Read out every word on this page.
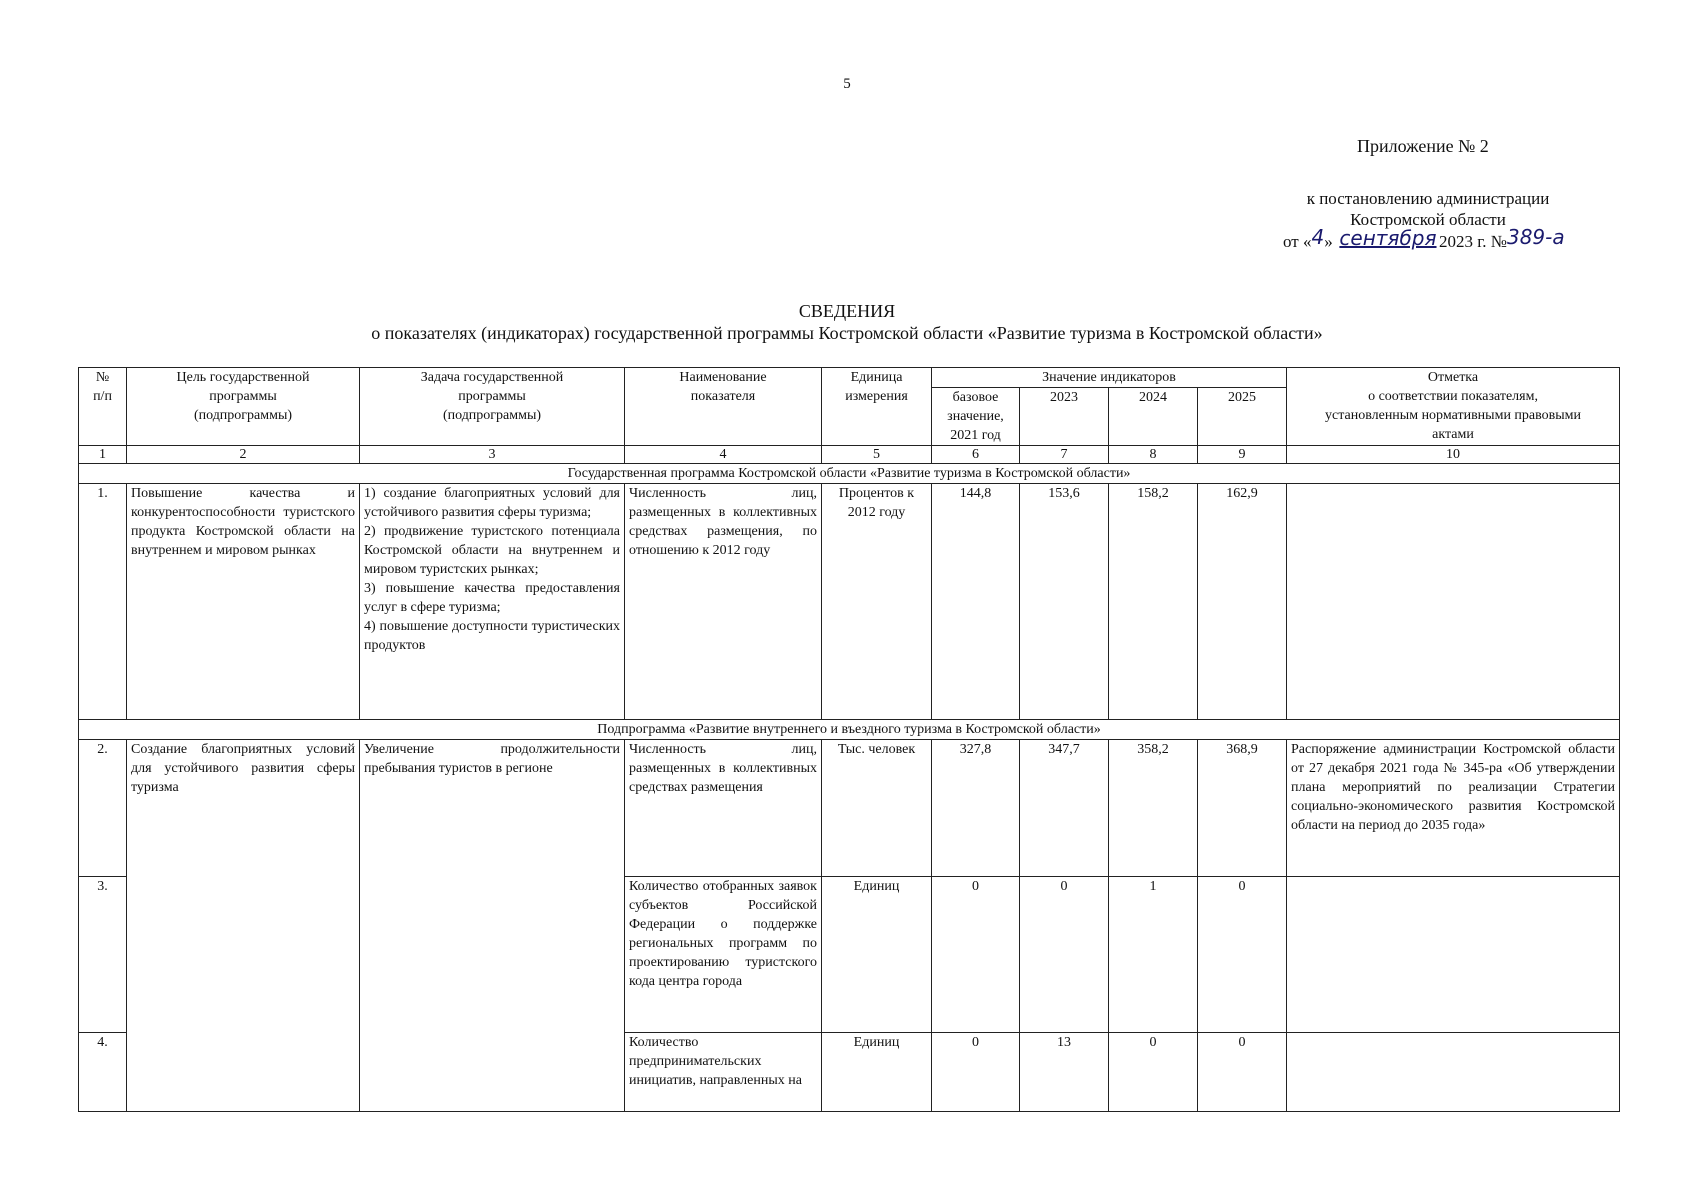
5
Приложение № 2
к постановлению администрации
Костромской области
от «4» сентября 2023 г. №389-а
СВЕДЕНИЯ
о показателях (индикаторах) государственной программы Костромской области «Развитие туризма в Костромской области»
№
п/п	Цель государственной
программы
(подпрограммы)	Задача государственной
программы
(подпрограммы)	Наименование
показателя	Единица
измерения	Значение индикаторов				Отметка
о соответствии показателям,
установленным нормативными правовыми
актами
					базовое
значение,
2021 год	2023	2024	2025	
1	2	3	4	5	6	7	8	9	10
Государственная программа Костромской области «Развитие туризма в Костромской области»									
1.	Повышение качества и конкурентоспособности туристского продукта Костромской области на внутреннем и мировом рынках	1) создание благоприятных условий для устойчивого развития сферы туризма;
2) продвижение туристского потенциала Костромской области на внутреннем и мировом туристских рынках;
3) повышение качества предоставления услуг в сфере туризма;
4) повышение доступности туристических продуктов	Численность лиц, размещенных в коллективных средствах размещения, по отношению к 2012 году	Процентов к 2012 году	144,8	153,6	158,2	162,9	
Подпрограмма «Развитие внутреннего и въездного туризма в Костромской области»									
2.	Создание благоприятных условий для устойчивого развития сферы туризма	Увеличение продолжительности пребывания туристов в регионе	Численность лиц, размещенных в коллективных средствах размещения	Тыс. человек	327,8	347,7	358,2	368,9	Распоряжение администрации Костромской области от 27 декабря 2021 года № 345-ра «Об утверждении плана мероприятий по реализации Стратегии социально-экономического развития Костромской области на период до 2035 года»
3.			Количество отобранных заявок субъектов Российской Федерации о поддержке региональных программ по проектированию туристского кода центра города	Единиц	0	0	1	0	
4.			Количество предпринимательских инициатив, направленных на	Единиц	0	13	0	0	
